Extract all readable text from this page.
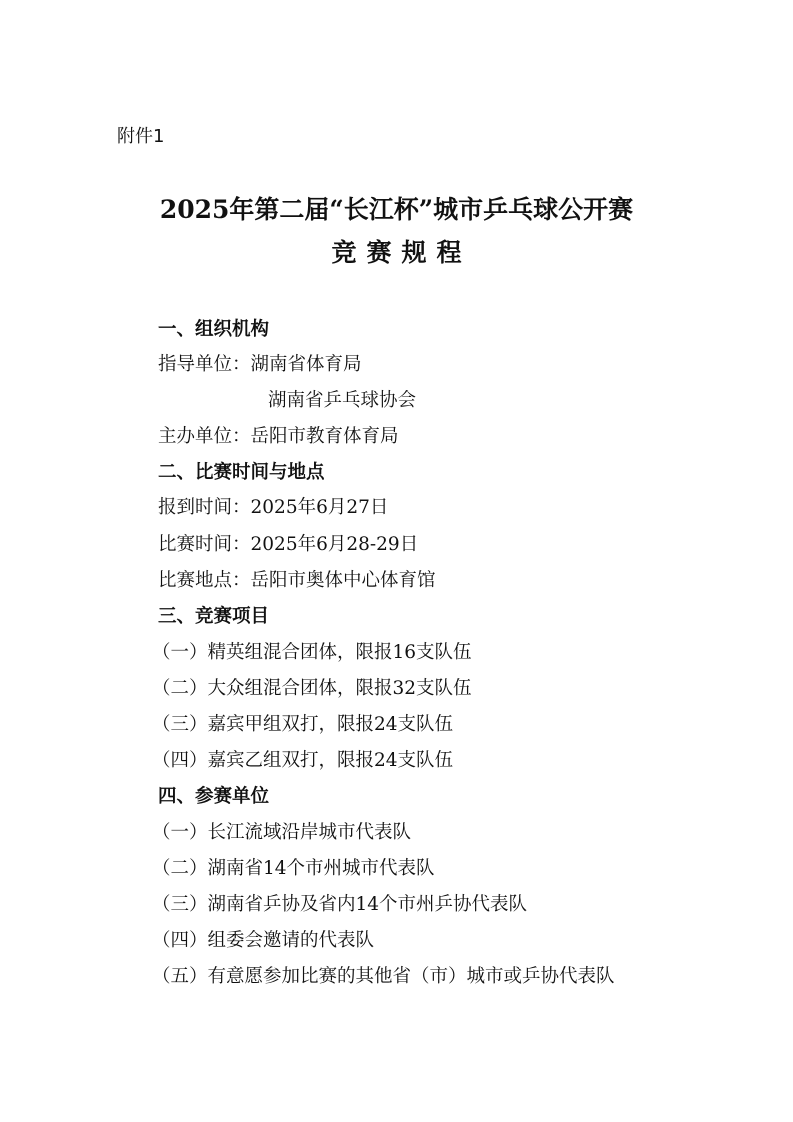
附件1

2025年第二届“长江杯”城市乒乓球公开赛
竞赛规程
一、组织机构

指导单位：湖南省体育局

湖南省乒乓球协会

主办单位：岳阳市教育体育局

二、比赛时间与地点

报到时间：2025年6月27日

比赛时间：2025年6月28-29日

比赛地点：岳阳市奥体中心体育馆

三、竞赛项目

（一）精英组混合团体，限报16支队伍

（二）大众组混合团体，限报32支队伍

（三）嘉宾甲组双打，限报24支队伍

（四）嘉宾乙组双打，限报24支队伍

四、参赛单位

（一）长江流域沿岸城市代表队

（二）湖南省14个市州城市代表队

（三）湖南省乒协及省内14个市州乒协代表队

（四）组委会邀请的代表队

（五）有意愿参加比赛的其他省（市）城市或乒协代表队
